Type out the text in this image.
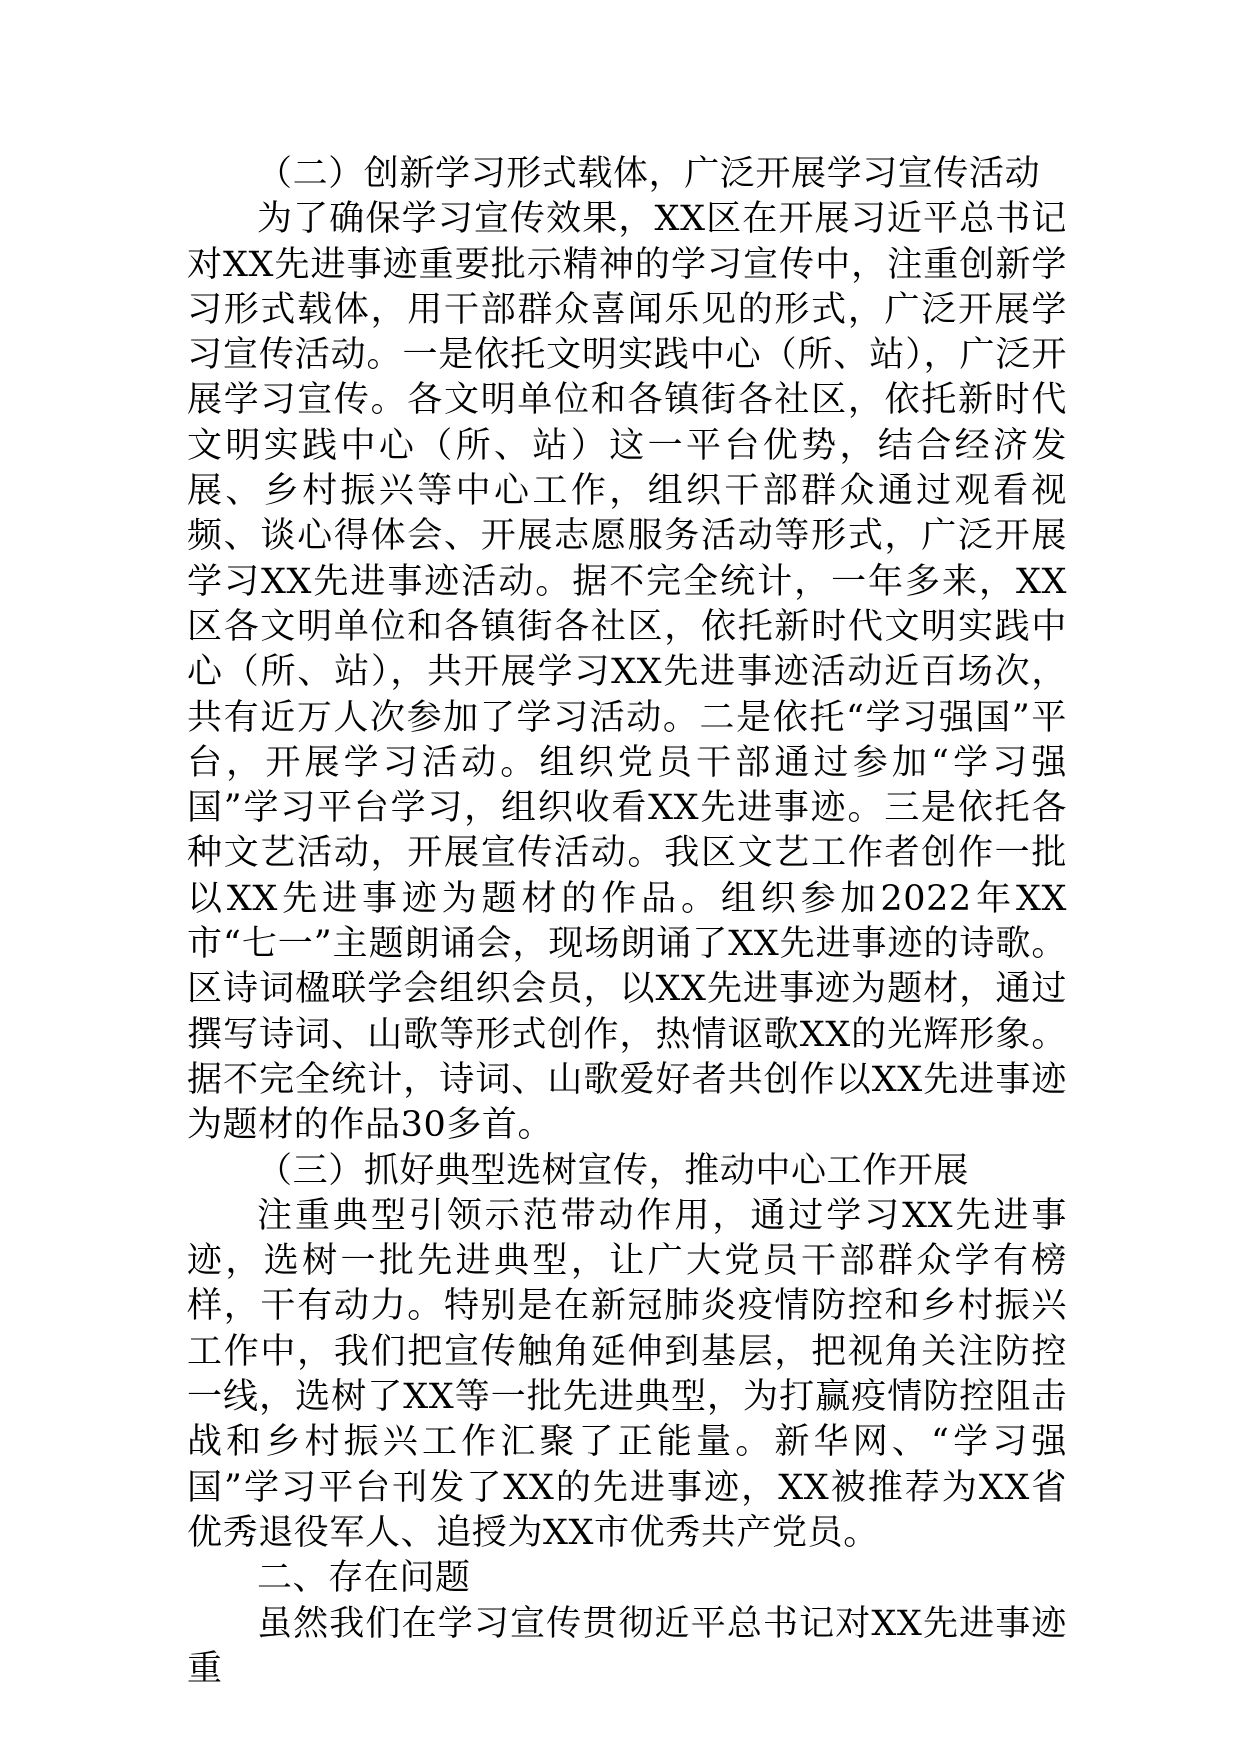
（二）创新学习形式载体，广泛开展学习宣传活动

为了确保学习宣传效果，XX区在开展习近平总书记对XX先进事迹重要批示精神的学习宣传中，注重创新学习形式载体，用干部群众喜闻乐见的形式，广泛开展学习宣传活动。一是依托文明实践中心（所、站），广泛开展学习宣传。各文明单位和各镇街各社区，依托新时代文明实践中心（所、站）这一平台优势，结合经济发展、乡村振兴等中心工作，组织干部群众通过观看视频、谈心得体会、开展志愿服务活动等形式，广泛开展学习XX先进事迹活动。据不完全统计，一年多来，XX区各文明单位和各镇街各社区，依托新时代文明实践中心（所、站），共开展学习XX先进事迹活动近百场次，共有近万人次参加了学习活动。二是依托“学习强国”平台，开展学习活动。组织党员干部通过参加“学习强国”学习平台学习，组织收看XX先进事迹。三是依托各种文艺活动，开展宣传活动。我区文艺工作者创作一批以XX先进事迹为题材的作品。组织参加2022年XX市“七一”主题朗诵会，现场朗诵了XX先进事迹的诗歌。区诗词楹联学会组织会员，以XX先进事迹为题材，通过撰写诗词、山歌等形式创作，热情讴歌XX的光辉形象。据不完全统计，诗词、山歌爱好者共创作以XX先进事迹为题材的作品30多首。

（三）抓好典型选树宣传，推动中心工作开展

注重典型引领示范带动作用，通过学习XX先进事迹，选树一批先进典型，让广大党员干部群众学有榜样，干有动力。特别是在新冠肺炎疫情防控和乡村振兴工作中，我们把宣传触角延伸到基层，把视角关注防控一线，选树了XX等一批先进典型，为打赢疫情防控阻击战和乡村振兴工作汇聚了正能量。新华网、“学习强国”学习平台刊发了XX的先进事迹，XX被推荐为XX省优秀退役军人、追授为XX市优秀共产党员。

二、存在问题

虽然我们在学习宣传贯彻近平总书记对XX先进事迹重
